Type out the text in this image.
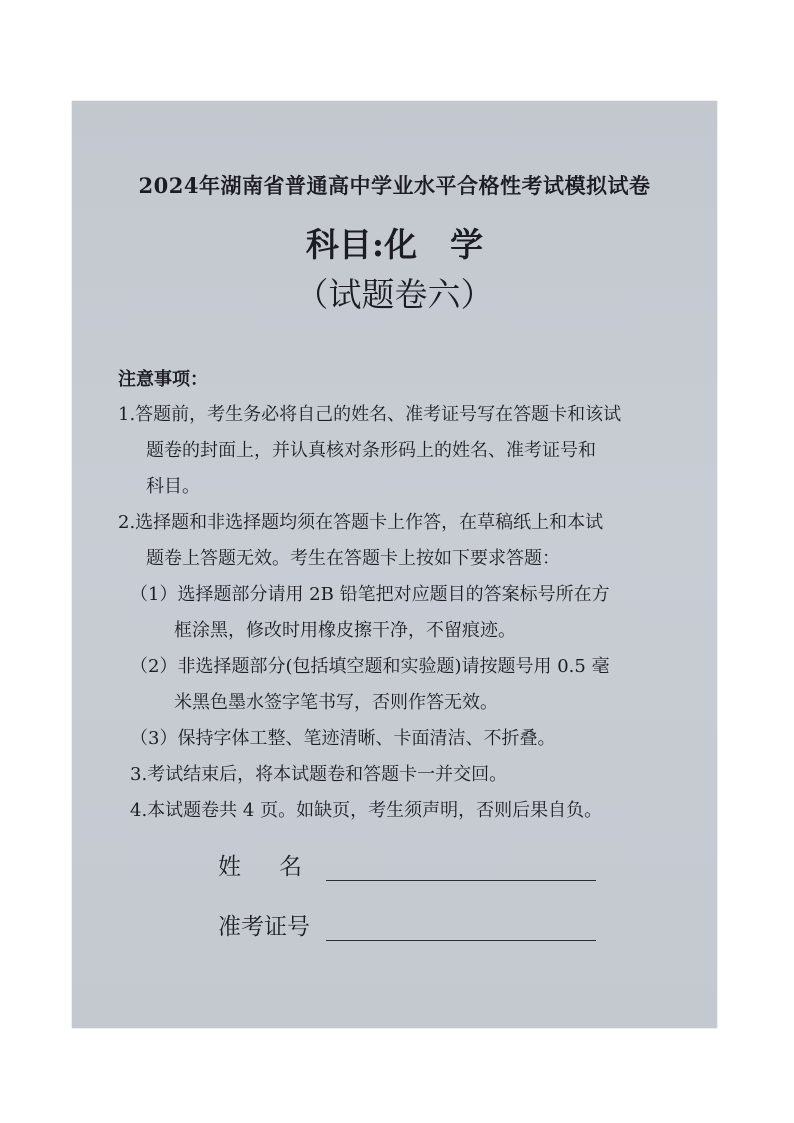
2024年湖南省普通高中学业水平合格性考试模拟试卷
科目:化　学
（试题卷六）
注意事项：
1.答题前，考生务必将自己的姓名、准考证号写在答题卡和该试
题卷的封面上，并认真核对条形码上的姓名、准考证号和
科目。
2.选择题和非选择题均须在答题卡上作答，在草稿纸上和本试
题卷上答题无效。考生在答题卡上按如下要求答题：
（1）选择题部分请用 2B 铅笔把对应题目的答案标号所在方
框涂黑，修改时用橡皮擦干净，不留痕迹。
（2）非选择题部分(包括填空题和实验题)请按题号用 0.5 毫
米黑色墨水签字笔书写，否则作答无效。
（3）保持字体工整、笔迹清晰、卡面清洁、不折叠。
3.考试结束后，将本试题卷和答题卡一并交回。
4.本试题卷共 4 页。如缺页，考生须声明，否则后果自负。
姓名
准考证号
